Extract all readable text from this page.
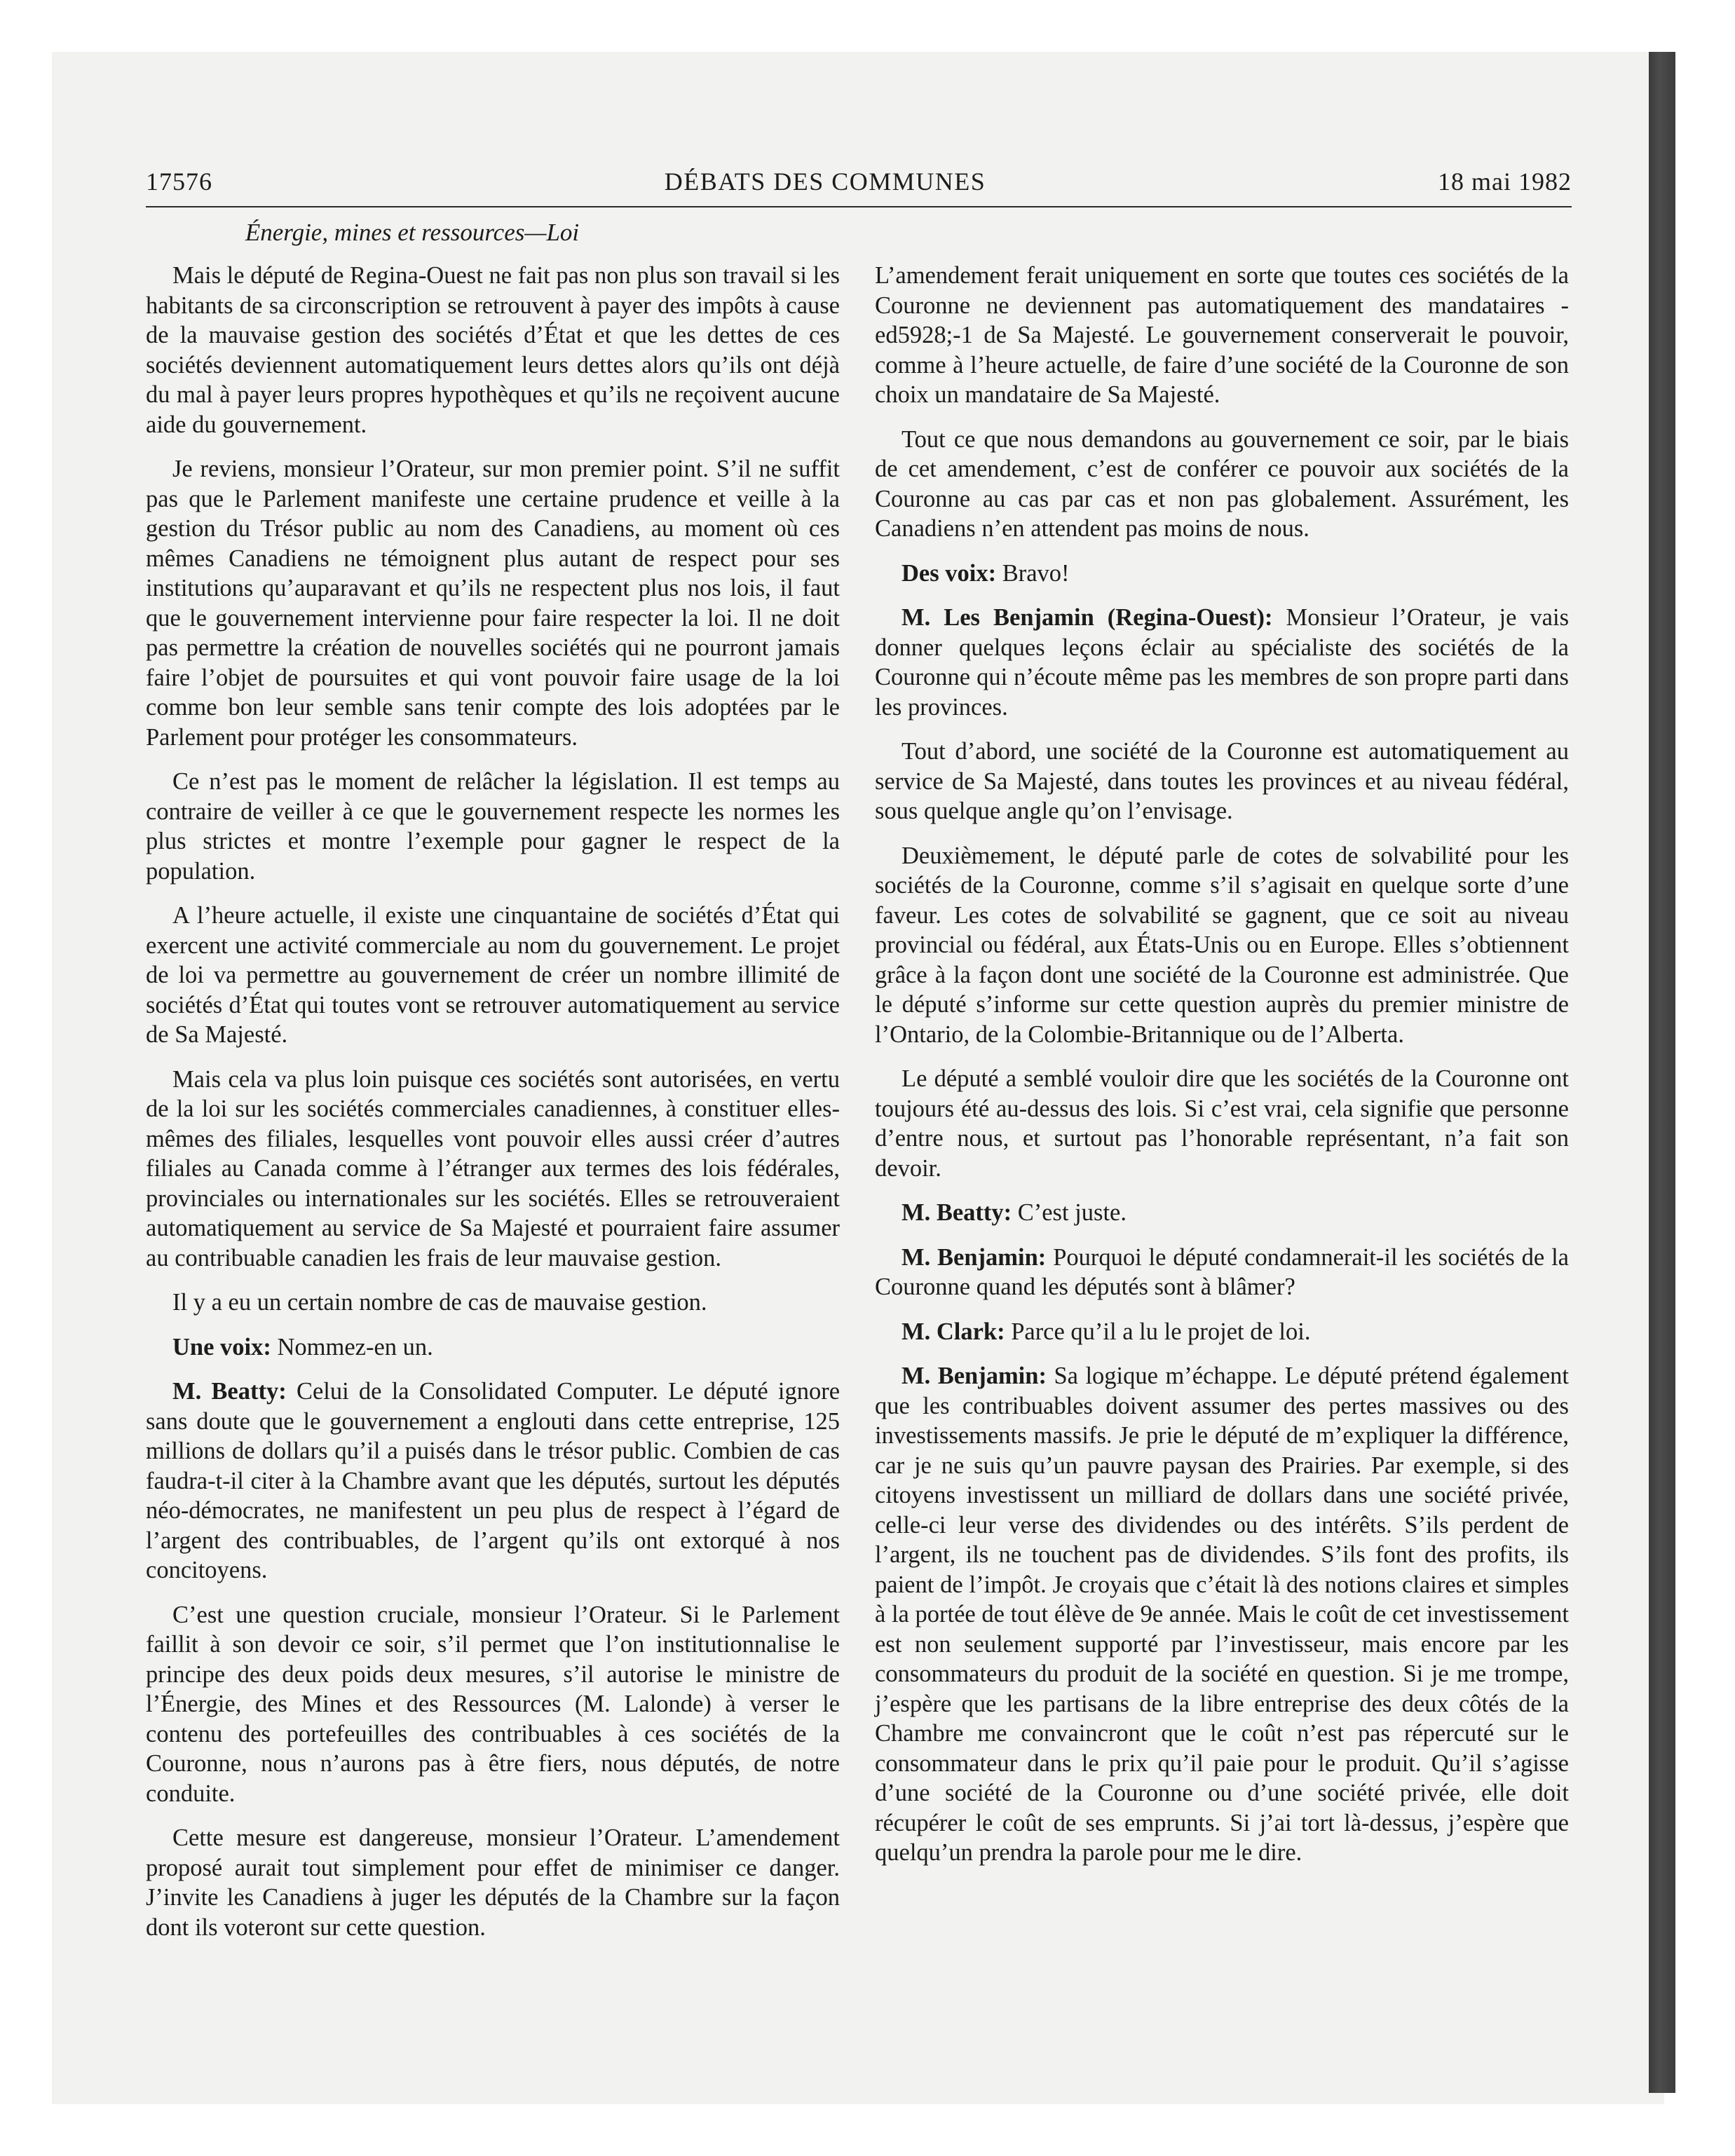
17576	DÉBATS DES COMMUNES	18 mai 1982
Énergie, mines et ressources—Loi

Mais le député de Regina-Ouest ne fait pas non plus son travail si les habitants de sa circonscription se retrouvent à payer des impôts à cause de la mauvaise gestion des sociétés d’État et que les dettes de ces sociétés deviennent automatiquement leurs dettes alors qu’ils ont déjà du mal à payer leurs propres hypothèques et qu’ils ne reçoivent aucune aide du gouvernement.

Je reviens, monsieur l’Orateur, sur mon premier point. S’il ne suffit pas que le Parlement manifeste une certaine prudence et veille à la gestion du Trésor public au nom des Canadiens, au moment où ces mêmes Canadiens ne témoignent plus autant de respect pour ses institutions qu’auparavant et qu’ils ne respectent plus nos lois, il faut que le gouvernement intervienne pour faire respecter la loi. Il ne doit pas permettre la création de nouvelles sociétés qui ne pourront jamais faire l’objet de poursuites et qui vont pouvoir faire usage de la loi comme bon leur semble sans tenir compte des lois adoptées par le Parlement pour protéger les consommateurs.

Ce n’est pas le moment de relâcher la législation. Il est temps au contraire de veiller à ce que le gouvernement respecte les normes les plus strictes et montre l’exemple pour gagner le respect de la population.

A l’heure actuelle, il existe une cinquantaine de sociétés d’État qui exercent une activité commerciale au nom du gouvernement. Le projet de loi va permettre au gouvernement de créer un nombre illimité de sociétés d’État qui toutes vont se retrouver automatiquement au service de Sa Majesté.

Mais cela va plus loin puisque ces sociétés sont autorisées, en vertu de la loi sur les sociétés commerciales canadiennes, à constituer elles-mêmes des filiales, lesquelles vont pouvoir elles aussi créer d’autres filiales au Canada comme à l’étranger aux termes des lois fédérales, provinciales ou internationales sur les sociétés. Elles se retrouveraient automatiquement au service de Sa Majesté et pourraient faire assumer au contribuable canadien les frais de leur mauvaise gestion.

Il y a eu un certain nombre de cas de mauvaise gestion.

Une voix: Nommez-en un.

M. Beatty: Celui de la Consolidated Computer. Le député ignore sans doute que le gouvernement a englouti dans cette entreprise, 125 millions de dollars qu’il a puisés dans le trésor public. Combien de cas faudra-t-il citer à la Chambre avant que les députés, surtout les députés néo-démocrates, ne manifestent un peu plus de respect à l’égard de l’argent des contribuables, de l’argent qu’ils ont extorqué à nos concitoyens.

C’est une question cruciale, monsieur l’Orateur. Si le Parlement faillit à son devoir ce soir, s’il permet que l’on institutionnalise le principe des deux poids deux mesures, s’il autorise le ministre de l’Énergie, des Mines et des Ressources (M. Lalonde) à verser le contenu des portefeuilles des contribuables à ces sociétés de la Couronne, nous n’aurons pas à être fiers, nous députés, de notre conduite.

Cette mesure est dangereuse, monsieur l’Orateur. L’amendement proposé aurait tout simplement pour effet de minimiser ce danger. J’invite les Canadiens à juger les députés de la Chambre sur la façon dont ils voteront sur cette question.

L’amendement ferait uniquement en sorte que toutes ces sociétés de la Couronne ne deviennent pas automatiquement des mandataires -ed5928;-1 de Sa Majesté. Le gouvernement conserverait le pouvoir, comme à l’heure actuelle, de faire d’une société de la Couronne de son choix un mandataire de Sa Majesté.

Tout ce que nous demandons au gouvernement ce soir, par le biais de cet amendement, c’est de conférer ce pouvoir aux sociétés de la Couronne au cas par cas et non pas globalement. Assurément, les Canadiens n’en attendent pas moins de nous.

Des voix: Bravo!

M. Les Benjamin (Regina-Ouest): Monsieur l’Orateur, je vais donner quelques leçons éclair au spécialiste des sociétés de la Couronne qui n’écoute même pas les membres de son propre parti dans les provinces.

Tout d’abord, une société de la Couronne est automatiquement au service de Sa Majesté, dans toutes les provinces et au niveau fédéral, sous quelque angle qu’on l’envisage.

Deuxièmement, le député parle de cotes de solvabilité pour les sociétés de la Couronne, comme s’il s’agisait en quelque sorte d’une faveur. Les cotes de solvabilité se gagnent, que ce soit au niveau provincial ou fédéral, aux États-Unis ou en Europe. Elles s’obtiennent grâce à la façon dont une société de la Couronne est administrée. Que le député s’informe sur cette question auprès du premier ministre de l’Ontario, de la Colombie-Britannique ou de l’Alberta.

Le député a semblé vouloir dire que les sociétés de la Couronne ont toujours été au-dessus des lois. Si c’est vrai, cela signifie que personne d’entre nous, et surtout pas l’honorable représentant, n’a fait son devoir.

M. Beatty: C’est juste.

M. Benjamin: Pourquoi le député condamnerait-il les sociétés de la Couronne quand les députés sont à blâmer?

M. Clark: Parce qu’il a lu le projet de loi.

M. Benjamin: Sa logique m’échappe. Le député prétend également que les contribuables doivent assumer des pertes massives ou des investissements massifs. Je prie le député de m’expliquer la différence, car je ne suis qu’un pauvre paysan des Prairies. Par exemple, si des citoyens investissent un milliard de dollars dans une société privée, celle-ci leur verse des dividendes ou des intérêts. S’ils perdent de l’argent, ils ne touchent pas de dividendes. S’ils font des profits, ils paient de l’impôt. Je croyais que c’était là des notions claires et simples à la portée de tout élève de 9e année. Mais le coût de cet investissement est non seulement supporté par l’investisseur, mais encore par les consommateurs du produit de la société en question. Si je me trompe, j’espère que les partisans de la libre entreprise des deux côtés de la Chambre me convaincront que le coût n’est pas répercuté sur le consommateur dans le prix qu’il paie pour le produit. Qu’il s’agisse d’une société de la Couronne ou d’une société privée, elle doit récupérer le coût de ses emprunts. Si j’ai tort là-dessus, j’espère que quelqu’un prendra la parole pour me le dire.
